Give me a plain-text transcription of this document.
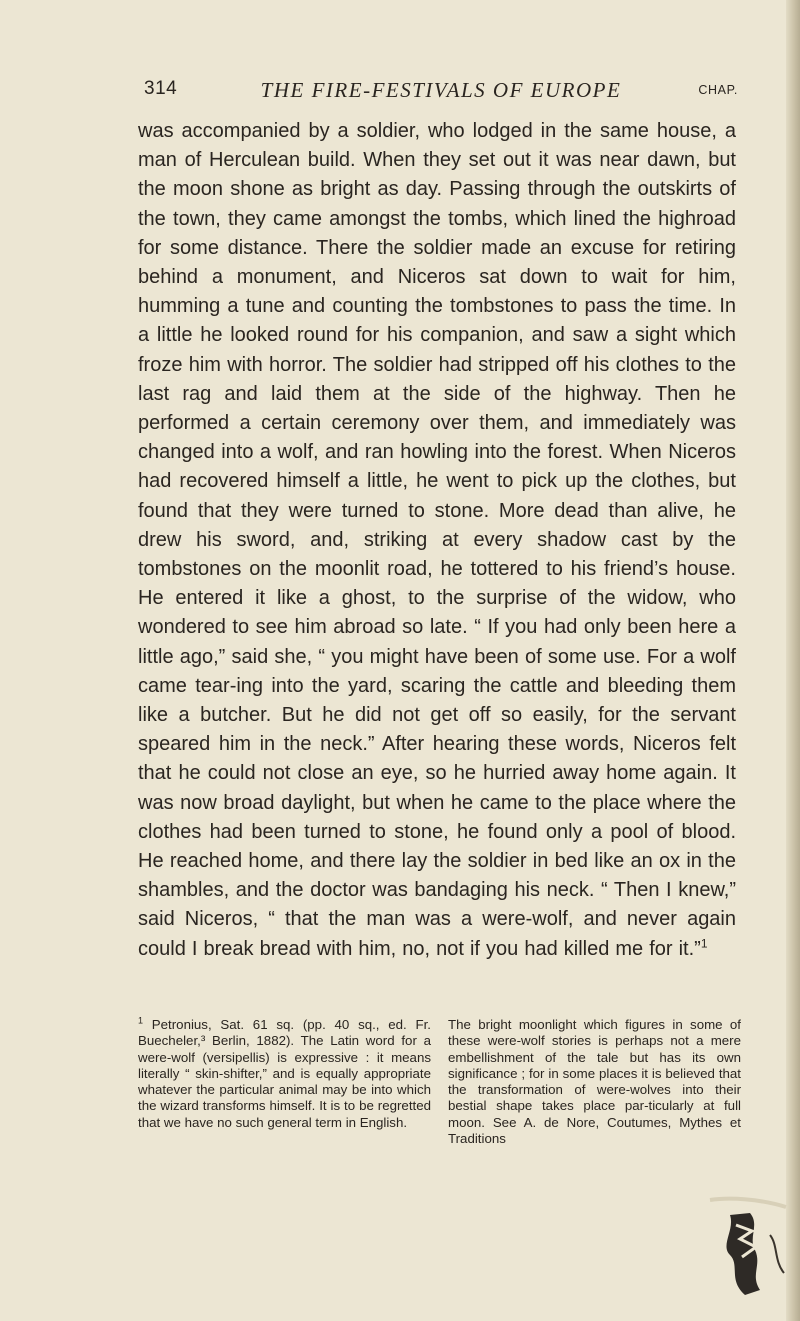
314	THE FIRE-FESTIVALS OF EUROPE	CHAP.

was accompanied by a soldier, who lodged in the same house, a man of Herculean build. When they set out it was near dawn, but the moon shone as bright as day. Passing through the outskirts of the town, they came amongst the tombs, which lined the highroad for some distance. There the soldier made an excuse for retiring behind a monument, and Niceros sat down to wait for him, humming a tune and counting the tombstones to pass the time. In a little he looked round for his companion, and saw a sight which froze him with horror. The soldier had stripped off his clothes to the last rag and laid them at the side of the highway. Then he performed a certain ceremony over them, and immediately was changed into a wolf, and ran howling into the forest. When Niceros had recovered himself a little, he went to pick up the clothes, but found that they were turned to stone. More dead than alive, he drew his sword, and, striking at every shadow cast by the tombstones on the moonlit road, he tottered to his friend’s house. He entered it like a ghost, to the surprise of the widow, who wondered to see him abroad so late. “ If you had only been here a little ago,” said she, “ you might have been of some use. For a wolf came tear-ing into the yard, scaring the cattle and bleeding them like a butcher. But he did not get off so easily, for the servant speared him in the neck.” After hearing these words, Niceros felt that he could not close an eye, so he hurried away home again. It was now broad daylight, but when he came to the place where the clothes had been turned to stone, he found only a pool of blood. He reached home, and there lay the soldier in bed like an ox in the shambles, and the doctor was bandaging his neck. “ Then I knew,” said Niceros, “ that the man was a were-wolf, and never again could I break bread with him, no, not if you had killed me for it.”$^1$

$^1$ Petronius, Sat. 61 sq. (pp. 40 sq., ed. Fr. Buecheler,³ Berlin, 1882). The Latin word for a were-wolf (versipellis) is expressive : it means literally “ skin-shifter,” and is equally appropriate whatever the particular animal may be into which the wizard transforms himself. It is to be regretted that we have no such general term in English.

The bright moonlight which figures in some of these were-wolf stories is perhaps not a mere embellishment of the tale but has its own significance ; for in some places it is believed that the transformation of were-wolves into their bestial shape takes place par-ticularly at full moon. See A. de Nore, Coutumes, Mythes et Traditions
